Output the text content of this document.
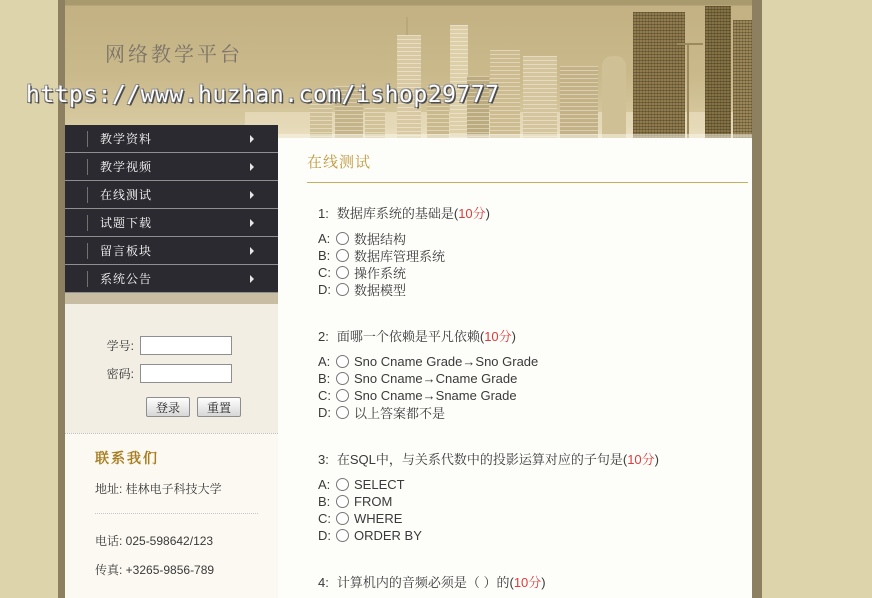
网络教学平台
教学资料
教学视频
在线测试
试题下载
留言板块
系统公告
学号:
密码:
登录	重置
联系我们
地址: 桂林电子科技大学
电话: 025-598642/123
传真: +3265-9856-789
在线测试
1: 数据库系统的基础是(10分)
A:	数据结构
B:	数据库管理系统
C:	操作系统
D:	数据模型
2: 面哪一个依赖是平凡依赖(10分)
A:	Sno Cname Grade→Sno Grade
B:	Sno Cname→Cname Grade
C:	Sno Cname→Sname Grade
D:	以上答案都不是
3: 在SQL中，与关系代数中的投影运算对应的子句是(10分)
A:	SELECT
B:	FROM
C:	WHERE
D:	ORDER BY
4: 计算机内的音频必须是（ ）的(10分)
https://www.huzhan.com/ishop29777
